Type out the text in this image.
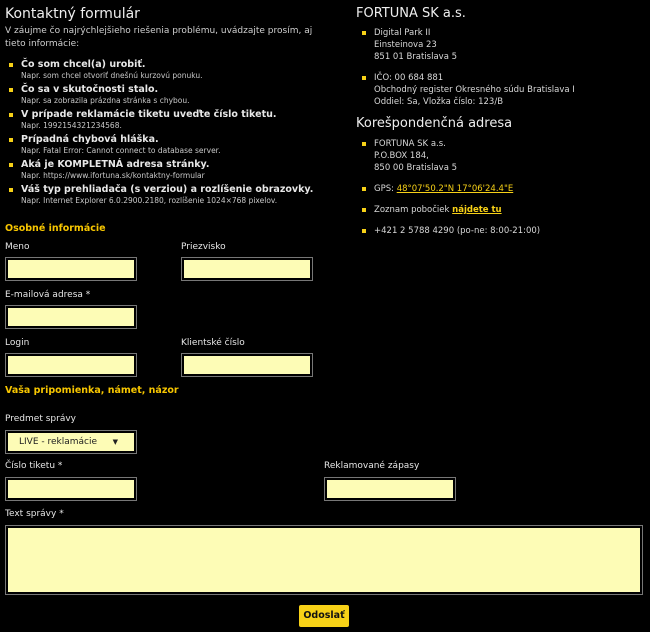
Kontaktný formulár
V záujme čo najrýchlejšieho riešenia problému, uvádzajte prosím, aj tieto informácie:
Čo som chcel(a) urobiť.
Napr. som chcel otvoriť dnešnú kurzovú ponuku.
Čo sa v skutočnosti stalo.
Napr. sa zobrazila prázdna stránka s chybou.
V prípade reklamácie tiketu uveďte číslo tiketu.
Napr. 1992154321234568.
Prípadná chybová hláška.
Napr. Fatal Error: Cannot connect to database server.
Aká je KOMPLETNÁ adresa stránky.
Napr. https://www.ifortuna.sk/kontaktny-formular
Váš typ prehliadača (s verziou) a rozlíšenie obrazovky.
Napr. Internet Explorer 6.0.2900.2180, rozlíšenie 1024×768 pixelov.
Osobné informácie
Meno	Priezvisko
E-mailová adresa *
Login	Klientské číslo
Vaša pripomienka, námet, názor
Predmet správy
LIVE - reklamácie ▼
Číslo tiketu *	Reklamované zápasy
Text správy *
Odoslať
FORTUNA SK a.s.
Digital Park II
Einsteinova 23
851 01 Bratislava 5
IČO: 00 684 881
Obchodný register Okresného súdu Bratislava I
Oddiel: Sa, Vložka číslo: 123/B
Korešpondenčná adresa
FORTUNA SK a.s.
P.O.BOX 184,
850 00 Bratislava 5
GPS: 48°07'50.2"N 17°06'24.4"E
Zoznam pobočiek nájdete tu
+421 2 5788 4290 (po-ne: 8:00-21:00)
